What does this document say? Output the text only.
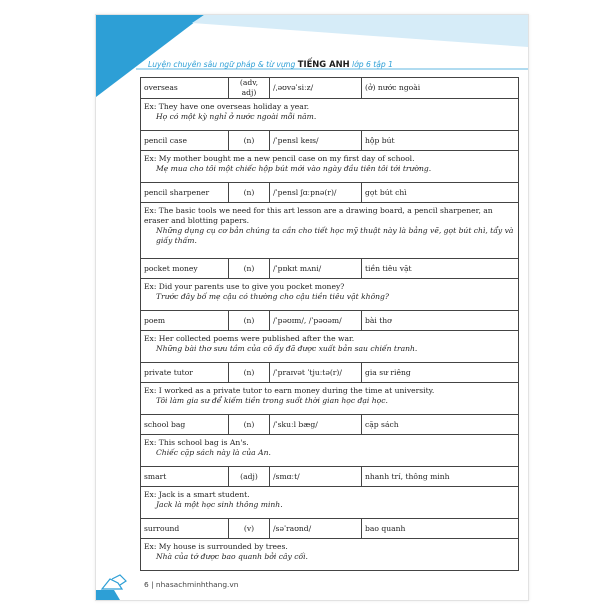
Luyện chuyên sâu ngữ pháp & từ vựng TIẾNG ANH lớp 6 tập 1
overseas	(adv, adj)	/ˌəʊvəˈsiːz/	(ở) nước ngoài

Ex: They have one overseas holiday a year.
Họ có một kỳ nghỉ ở nước ngoài mỗi năm.			

pencil case	(n)	/ˈpensl keɪs/	hộp bút

Ex: My mother bought me a new pencil case on my first day of school.
Mẹ mua cho tôi một chiếc hộp bút mới vào ngày đầu tiên tôi tới trường.			

pencil sharpener	(n)	/ˈpensl ʃɑːpnə(r)/	gọt bút chì

Ex: The basic tools we need for this art lesson are a drawing board, a pencil sharpener, an eraser and blotting papers.
Những dụng cụ cơ bản chúng ta cần cho tiết học mỹ thuật này là bảng vẽ, gọt bút chì, tẩy và giấy thấm.			

pocket money	(n)	/ˈpɒkɪt mʌni/	tiền tiêu vặt

Ex: Did your parents use to give you pocket money?
Trước đây bố mẹ cậu có thường cho cậu tiền tiêu vặt không?			

poem	(n)	/ˈpəʊɪm/, /ˈpəʊəm/	bài thơ

Ex: Her collected poems were published after the war.
Những bài thơ sưu tầm của cô ấy đã được xuất bản sau chiến tranh.			

private tutor	(n)	/ˈpraɪvət ˈtjuːtə(r)/	gia sư riêng

Ex: I worked as a private tutor to earn money during the time at university.
Tôi làm gia sư để kiếm tiền trong suốt thời gian học đại học.			

school bag	(n)	/ˈskuːl bæg/	cặp sách

Ex: This school bag is An's.
Chiếc cặp sách này là của An.			

smart	(adj)	/smɑːt/	nhanh trí, thông minh

Ex: Jack is a smart student.
Jack là một học sinh thông minh.			

surround	(v)	/səˈraʊnd/	bao quanh

Ex: My house is surrounded by trees.
Nhà của tớ được bao quanh bởi cây cối.			
6 | nhasachminhthang.vn
